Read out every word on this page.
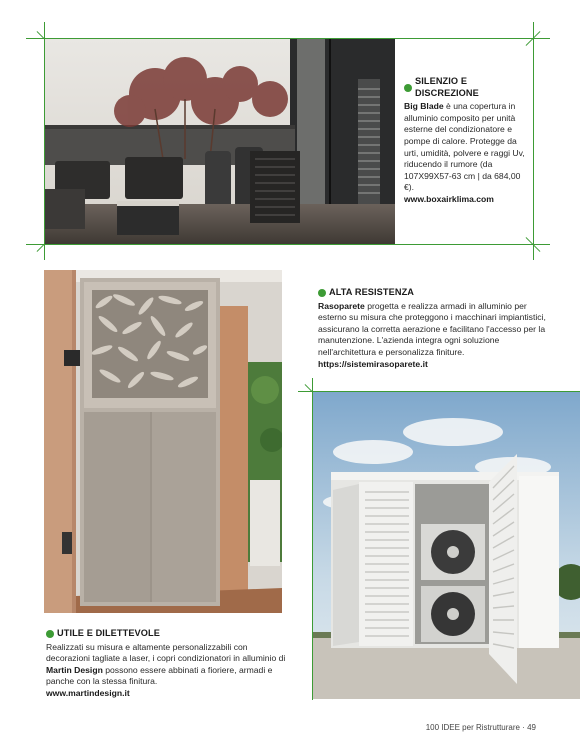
SILENZIO E DISCREZIONE
Big Blade è una copertura in alluminio composito per unità esterne del condizionatore e pompe di calore. Protegge da urti, umidità, polvere e raggi Uv, riducendo il rumore (da 107X99X57-63 cm | da 684,00 €).
www.boxairklima.com
ALTA RESISTENZA
Rasoparete progetta e realizza armadi in alluminio per esterno su misura che proteggono i macchinari impiantistici, assicurano la corretta aerazione e facilitano l'accesso per la manutenzione. L'azienda integra ogni soluzione nell'architettura e personalizza finiture.
https://sistemirasoparete.it
UTILE E DILETTEVOLE
Realizzati su misura e altamente personalizzabili con decorazioni tagliate a laser, i copri condizionatori in alluminio di Martin Design possono essere abbinati a fioriere, armadi e panche con la stessa finitura.
www.martindesign.it
100 IDEE per Ristrutturare · 49
